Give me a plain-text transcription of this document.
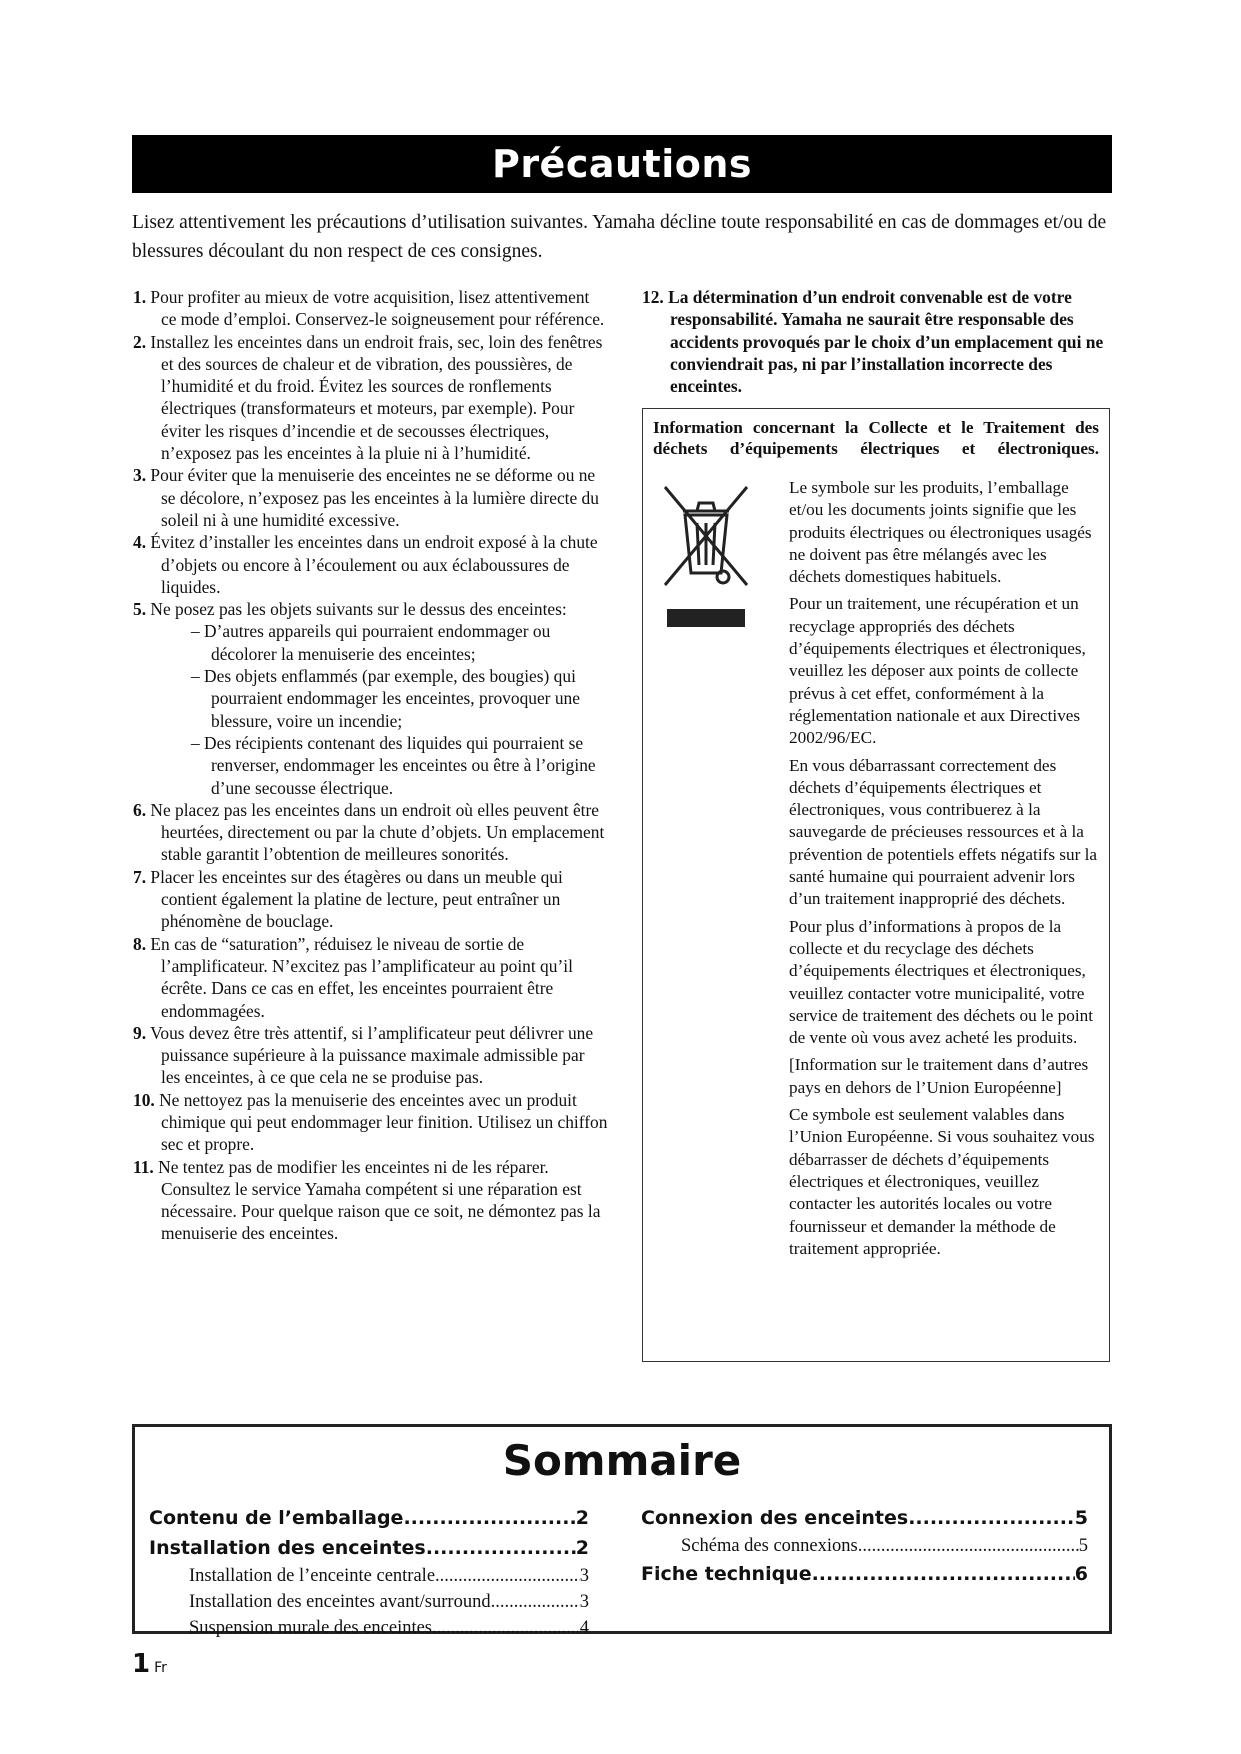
Précautions
Lisez attentivement les précautions d’utilisation suivantes. Yamaha décline toute responsabilité en cas de dommages et/ou de blessures découlant du non respect de ces consignes.
1. Pour profiter au mieux de votre acquisition, lisez attentivement ce mode d’emploi. Conservez-le soigneusement pour référence.
2. Installez les enceintes dans un endroit frais, sec, loin des fenêtres et des sources de chaleur et de vibration, des poussières, de l’humidité et du froid. Évitez les sources de ronflements électriques (transformateurs et moteurs, par exemple). Pour éviter les risques d’incendie et de secousses électriques, n’exposez pas les enceintes à la pluie ni à l’humidité.
3. Pour éviter que la menuiserie des enceintes ne se déforme ou ne se décolore, n’exposez pas les enceintes à la lumière directe du soleil ni à une humidité excessive.
4. Évitez d’installer les enceintes dans un endroit exposé à la chute d’objets ou encore à l’écoulement ou aux éclaboussures de liquides.
5. Ne posez pas les objets suivants sur le dessus des enceintes:
– D’autres appareils qui pourraient endommager ou décolorer la menuiserie des enceintes;
– Des objets enflammés (par exemple, des bougies) qui pourraient endommager les enceintes, provoquer une blessure, voire un incendie;
– Des récipients contenant des liquides qui pourraient se renverser, endommager les enceintes ou être à l’origine d’une secousse électrique.
6. Ne placez pas les enceintes dans un endroit où elles peuvent être heurtées, directement ou par la chute d’objets. Un emplacement stable garantit l’obtention de meilleures sonorités.
7. Placer les enceintes sur des étagères ou dans un meuble qui contient également la platine de lecture, peut entraîner un phénomène de bouclage.
8. En cas de “saturation”, réduisez le niveau de sortie de l’amplificateur. N’excitez pas l’amplificateur au point qu’il écrête. Dans ce cas en effet, les enceintes pourraient être endommagées.
9. Vous devez être très attentif, si l’amplificateur peut délivrer une puissance supérieure à la puissance maximale admissible par les enceintes, à ce que cela ne se produise pas.
10. Ne nettoyez pas la menuiserie des enceintes avec un produit chimique qui peut endommager leur finition. Utilisez un chiffon sec et propre.
11. Ne tentez pas de modifier les enceintes ni de les réparer. Consultez le service Yamaha compétent si une réparation est nécessaire. Pour quelque raison que ce soit, ne démontez pas la menuiserie des enceintes.
12. La détermination d’un endroit convenable est de votre responsabilité. Yamaha ne saurait être responsable des accidents provoqués par le choix d’un emplacement qui ne conviendrait pas, ni par l’installation incorrecte des enceintes.
Information concernant la Collecte et le Traitement des déchets d’équipements électriques et électroniques.

Le symbole sur les produits, l’emballage et/ou les documents joints signifie que les produits électriques ou électroniques usagés ne doivent pas être mélangés avec les déchets domestiques habituels.

Pour un traitement, une récupération et un recyclage appropriés des déchets d’équipements électriques et électroniques, veuillez les déposer aux points de collecte prévus à cet effet, conformément à la réglementation nationale et aux Directives 2002/96/EC.

En vous débarrassant correctement des déchets d’équipements électriques et électroniques, vous contribuerez à la sauvegarde de précieuses ressources et à la prévention de potentiels effets négatifs sur la santé humaine qui pourraient advenir lors d’un traitement inapproprié des déchets.

Pour plus d’informations à propos de la collecte et du recyclage des déchets d’équipements électriques et électroniques, veuillez contacter votre municipalité, votre service de traitement des déchets ou le point de vente où vous avez acheté les produits.

[Information sur le traitement dans d’autres pays en dehors de l’Union Européenne]

Ce symbole est seulement valables dans l’Union Européenne. Si vous souhaitez vous débarrasser de déchets d’équipements électriques et électroniques, veuillez contacter les autorités locales ou votre fournisseur et demander la méthode de traitement appropriée.

Sommaire
Contenu de l’emballage .....	2
Installation des enceintes .....	2
Installation de l’enceinte centrale .....	3
Installation des enceintes avant/surround .....	3
Suspension murale des enceintes .....	4
Connexion des enceintes .....	5
Schéma des connexions .....	5
Fiche technique .....	6
1 Fr
